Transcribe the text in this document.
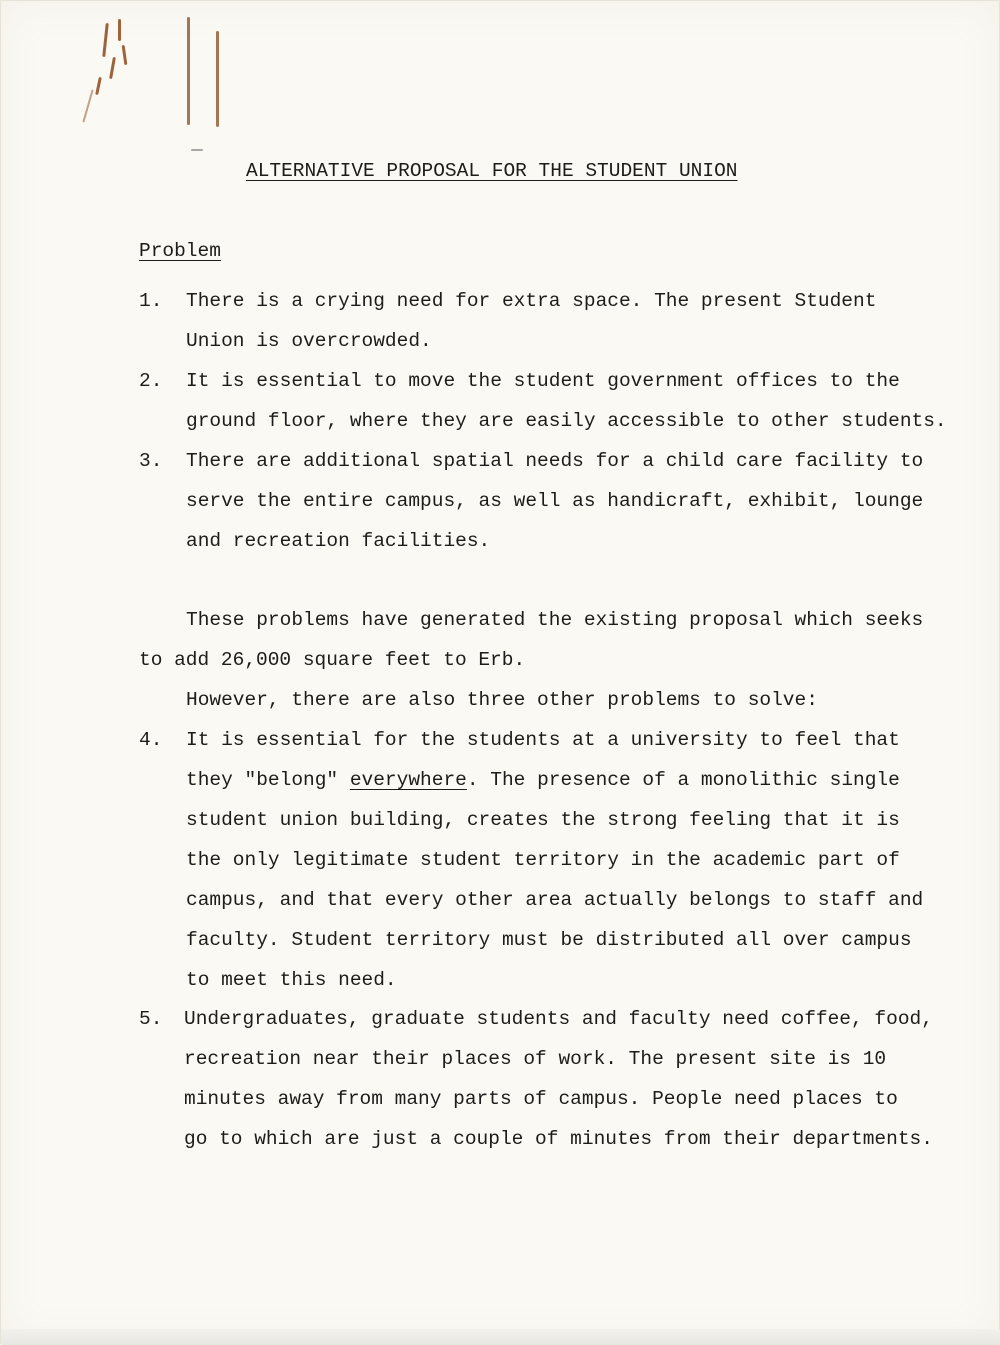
ALTERNATIVE PROPOSAL FOR THE STUDENT UNION
Problem
1. There is a crying need for extra space. The present Student
Union is overcrowded.
2. It is essential to move the student government offices to the
ground floor, where they are easily accessible to other students.
3. There are additional spatial needs for a child care facility to
serve the entire campus, as well as handicraft, exhibit, lounge
and recreation facilities.
These problems have generated the existing proposal which seeks
to add 26,000 square feet to Erb.
However, there are also three other problems to solve:
4. It is essential for the students at a university to feel that
they "belong" everywhere. The presence of a monolithic single
student union building, creates the strong feeling that it is
the only legitimate student territory in the academic part of
campus, and that every other area actually belongs to staff and
faculty. Student territory must be distributed all over campus
to meet this need.
5. Undergraduates, graduate students and faculty need coffee, food,
recreation near their places of work. The present site is 10
minutes away from many parts of campus. People need places to
go to which are just a couple of minutes from their departments.
